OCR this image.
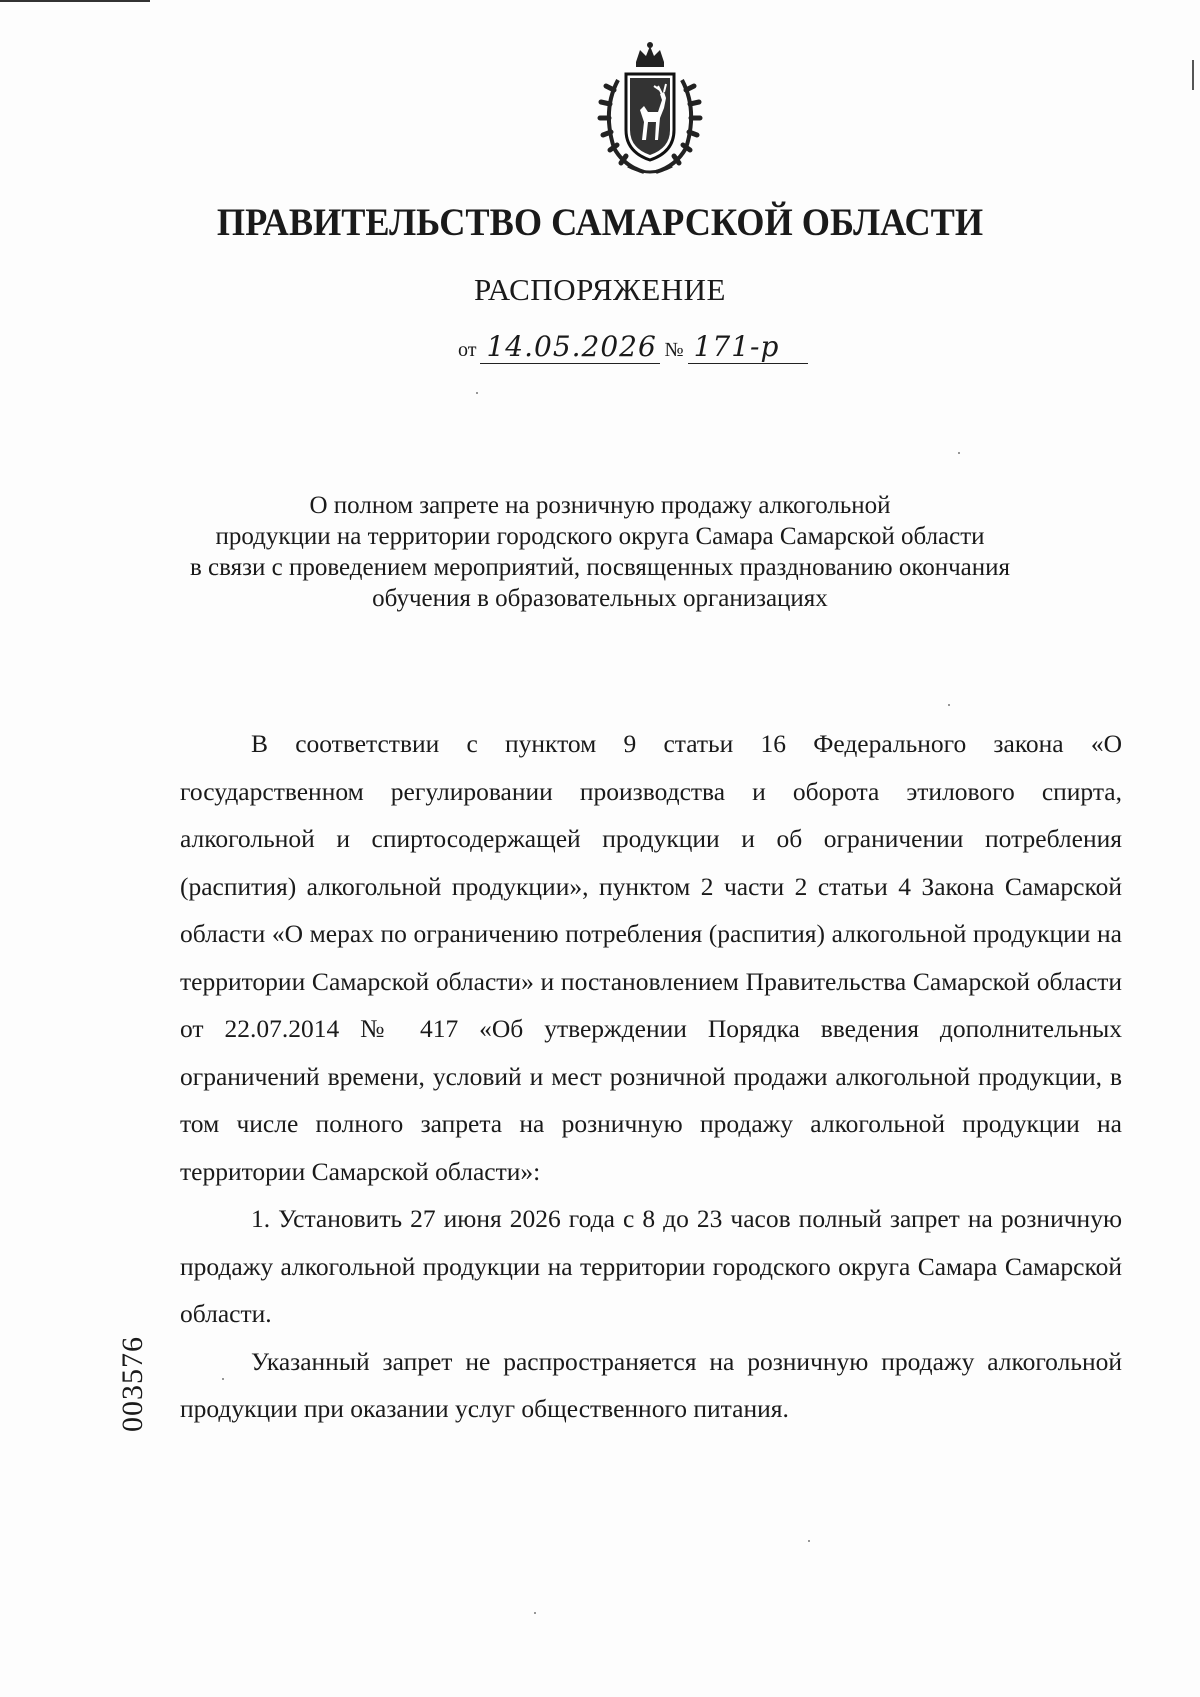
ПРАВИТЕЛЬСТВО САМАРСКОЙ ОБЛАСТИ
РАСПОРЯЖЕНИЕ
от 14.05.2026 № 171-р
О полном запрете на розничную продажу алкогольной
продукции на территории городского округа Самара Самарской области
в связи с проведением мероприятий, посвященных празднованию окончания
обучения в образовательных организациях

В соответствии с пунктом 9 статьи 16 Федерального закона «О государственном регулировании производства и оборота этилового спирта, алкогольной и спиртосодержащей продукции и об ограничении потребления (распития) алкогольной продукции», пунктом 2 части 2 статьи 4 Закона Самарской области «О мерах по ограничению потребления (распития) алкогольной продукции на территории Самарской области» и постановлением Правительства Самарской области от 22.07.2014 № 417 «Об утверждении Порядка введения дополнительных ограничений времени, условий и мест розничной продажи алкогольной продукции, в том числе полного запрета на розничную продажу алкогольной продукции на территории Самарской области»:

1. Установить 27 июня 2026 года с 8 до 23 часов полный запрет на розничную продажу алкогольной продукции на территории городского округа Самара Самарской области.

Указанный запрет не распространяется на розничную продажу алкогольной продукции при оказании услуг общественного питания.

003576
